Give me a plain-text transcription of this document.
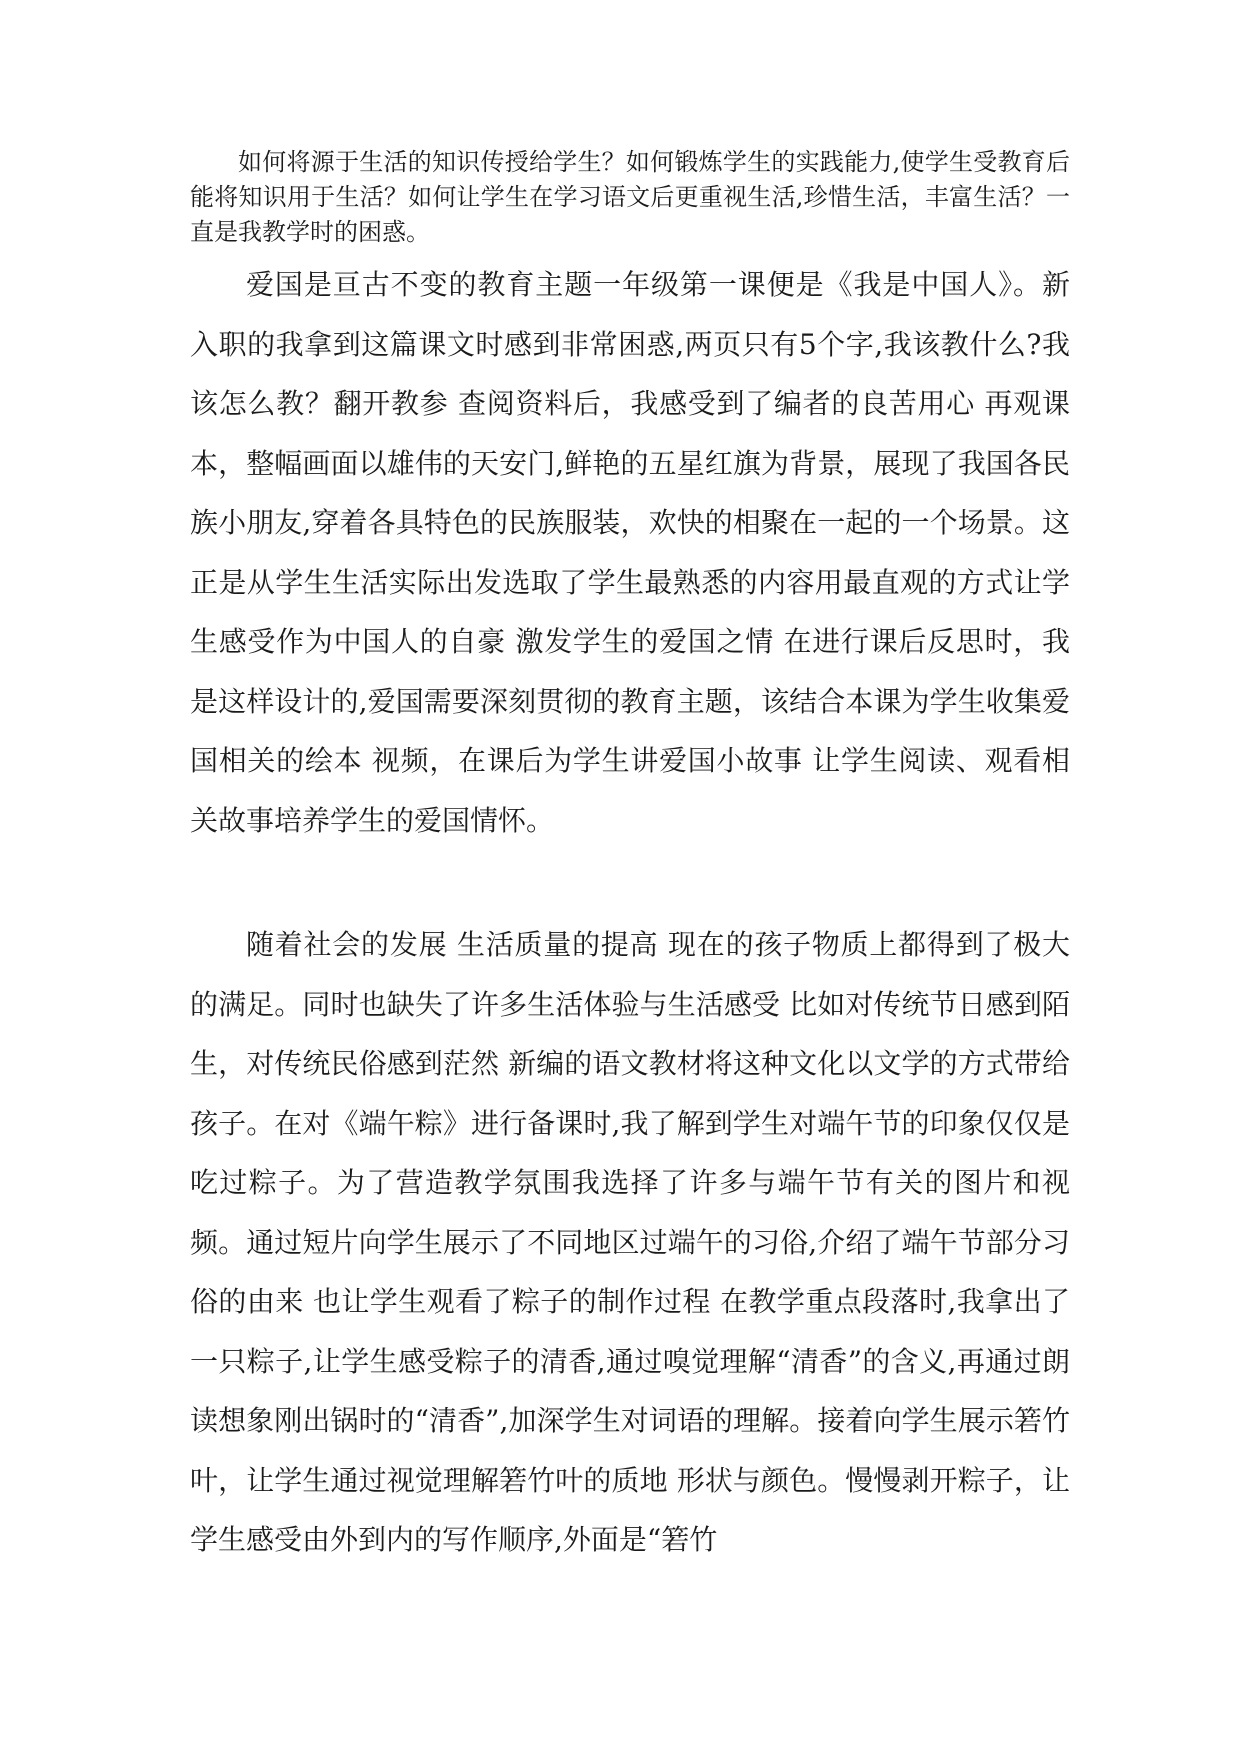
如何将源于生活的知识传授给学生？如何锻炼学生的实践能力,使学生受教育后能将知识用于生活？如何让学生在学习语文后更重视生活,珍惜生活，丰富生活？一直是我教学时的困惑。

爱国是亘古不变的教育主题一年级第一课便是《我是中国人》。新入职的我拿到这篇课文时感到非常困惑,两页只有5个字,我该教什么?我该怎么教？翻开教参 查阅资料后，我感受到了编者的良苦用心 再观课本，整幅画面以雄伟的天安门,鲜艳的五星红旗为背景，展现了我国各民族小朋友,穿着各具特色的民族服装，欢快的相聚在一起的一个场景。这正是从学生生活实际出发选取了学生最熟悉的内容用最直观的方式让学生感受作为中国人的自豪 激发学生的爱国之情 在进行课后反思时，我是这样设计的,爱国需要深刻贯彻的教育主题，该结合本课为学生收集爱国相关的绘本 视频，在课后为学生讲爱国小故事 让学生阅读、观看相关故事培养学生的爱国情怀。

随着社会的发展 生活质量的提高 现在的孩子物质上都得到了极大的满足。同时也缺失了许多生活体验与生活感受 比如对传统节日感到陌生，对传统民俗感到茫然 新编的语文教材将这种文化以文学的方式带给孩子。在对《端午粽》进行备课时,我了解到学生对端午节的印象仅仅是吃过粽子。为了营造教学氛围我选择了许多与端午节有关的图片和视频。通过短片向学生展示了不同地区过端午的习俗,介绍了端午节部分习俗的由来 也让学生观看了粽子的制作过程 在教学重点段落时,我拿出了一只粽子,让学生感受粽子的清香,通过嗅觉理解“清香”的含义,再通过朗读想象刚出锅时的“清香”,加深学生对词语的理解。接着向学生展示箬竹叶，让学生通过视觉理解箬竹叶的质地 形状与颜色。慢慢剥开粽子，让学生感受由外到内的写作顺序,外面是“箬竹
